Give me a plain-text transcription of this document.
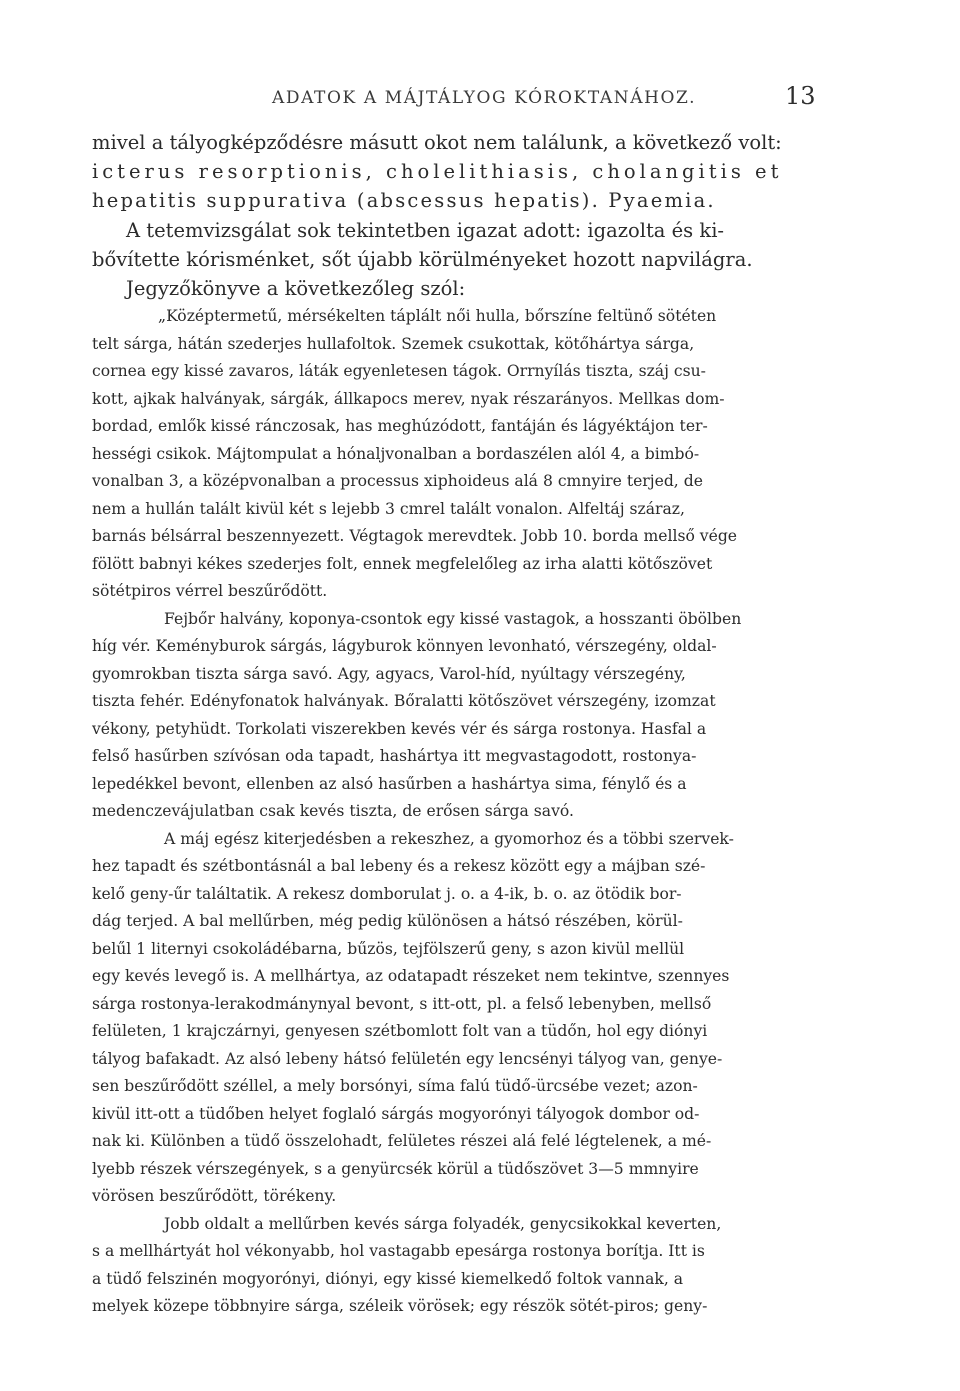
ADATOK A MÁJTÁLYOG KÓROKTANÁHOZ.	13
mivel a tályogképződésre másutt okot nem találunk, a következő volt:
icterus resorptionis, cholelithiasis, cholangitis et
hepatitis suppurativa (abscessus hepatis). Pyaemia.
A tetemvizsgálat sok tekintetben igazat adott: igazolta és ki-
bővítette kórisménket, sőt újabb körülményeket hozott napvilágra.
Jegyzőkönyve a következőleg szól:
„Középtermetű, mérsékelten táplált női hulla, bőrszíne feltünő sötéten
telt sárga, hátán szederjes hullafoltok. Szemek csukottak, kötőhártya sárga,
cornea egy kissé zavaros, láták egyenletesen tágok. Orrnyílás tiszta, száj csu-
kott, ajkak halványak, sárgák, állkapocs merev, nyak részarányos. Mellkas dom-
bordad, emlők kissé ránczosak, has meghúzódott, fantáján és lágyéktájon ter-
hességi csikok. Májtompulat a hónaljvonalban a bordaszélen alól 4, a bimbó-
vonalban 3, a középvonalban a processus xiphoideus alá 8 cmnyire terjed, de
nem a hullán talált kivül két s lejebb 3 cmrel talált vonalon. Alfeltáj száraz,
barnás bélsárral beszennyezett. Végtagok merevdtek. Jobb 10. borda mellső vége
fölött babnyi kékes szederjes folt, ennek megfelelőleg az irha alatti kötőszövet
sötétpiros vérrel beszűrődött.
Fejbőr halvány, koponya-csontok egy kissé vastagok, a hosszanti öbölben
híg vér. Keményburok sárgás, lágyburok könnyen levonható, vérszegény, oldal-
gyomrokban tiszta sárga savó. Agy, agyacs, Varol-híd, nyúltagy vérszegény,
tiszta fehér. Edényfonatok halványak. Bőralatti kötőszövet vérszegény, izomzat
vékony, petyhüdt. Torkolati viszerekben kevés vér és sárga rostonya. Hasfal a
felső hasűrben szívósan oda tapadt, hashártya itt megvastagodott, rostonya-
lepedékkel bevont, ellenben az alsó hasűrben a hashártya sima, fénylő és a
medenczevájulatban csak kevés tiszta, de erősen sárga savó.
A máj egész kiterjedésben a rekeszhez, a gyomorhoz és a többi szervek-
hez tapadt és szétbontásnál a bal lebeny és a rekesz között egy a májban szé-
kelő geny-űr találtatik. A rekesz domborulat j. o. a 4-ik, b. o. az ötödik bor-
dág terjed. A bal mellűrben, még pedig különösen a hátsó részében, körül-
belűl 1 liternyi csokoládébarna, bűzös, tejfölszerű geny, s azon kivül mellül
egy kevés levegő is. A mellhártya, az odatapadt részeket nem tekintve, szennyes
sárga rostonya-lerakodmánynyal bevont, s itt-ott, pl. a felső lebenyben, mellső
felületen, 1 krajczárnyi, genyesen szétbomlott folt van a tüdőn, hol egy diónyi
tályog bafakadt. Az alsó lebeny hátsó felületén egy lencsényi tályog van, genye-
sen beszűrődött széllel, a mely borsónyi, síma falú tüdő-ürcsébe vezet; azon-
kivül itt-ott a tüdőben helyet foglaló sárgás mogyorónyi tályogok dombor od-
nak ki. Különben a tüdő összelohadt, felületes részei alá felé légtelenek, a mé-
lyebb részek vérszegények, s a genyürcsék körül a tüdőszövet 3—5 mmnyire
vörösen beszűrődött, törékeny.
Jobb oldalt a mellűrben kevés sárga folyadék, genycsikokkal keverten,
s a mellhártyát hol vékonyabb, hol vastagabb epesárga rostonya borítja. Itt is
a tüdő felszinén mogyorónyi, diónyi, egy kissé kiemelkedő foltok vannak, a
melyek közepe többnyire sárga, széleik vörösek; egy részök sötét-piros; geny-
